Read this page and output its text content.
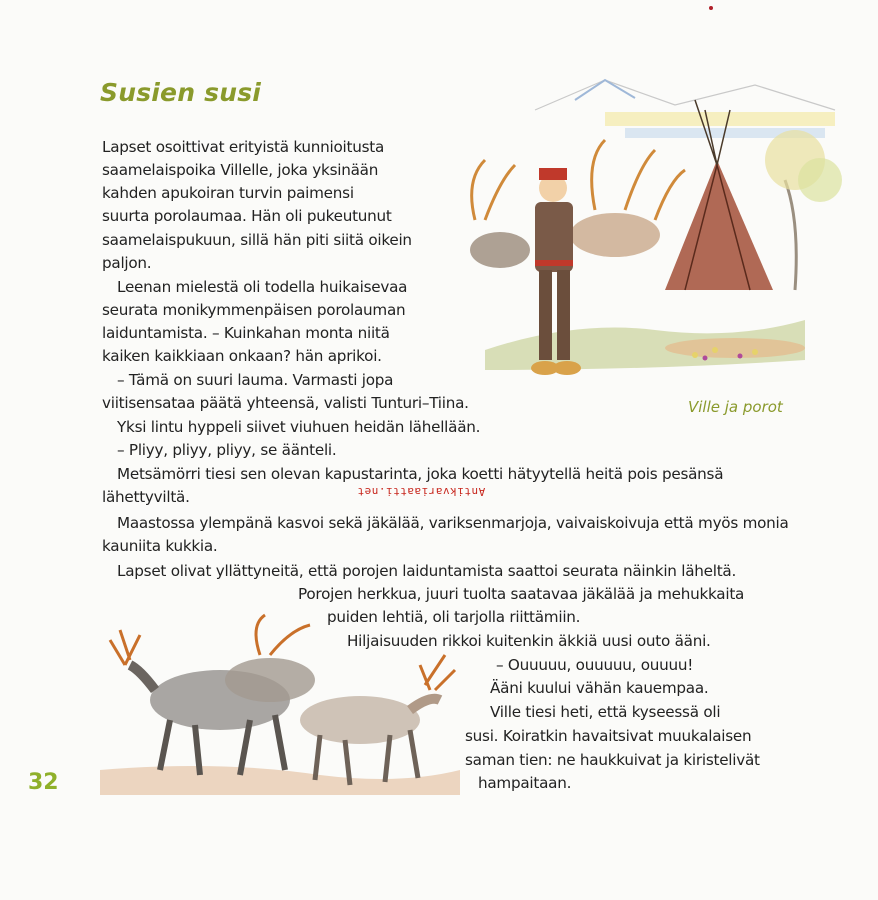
Susien susi
Lapset osoittivat erityistä kunnioitusta
saamelaispoika Villelle, joka yksinään
kahden apukoiran turvin paimensi
suurta porolaumaa. Hän oli pukeutunut
saamelaispukuun, sillä hän piti siitä oikein
paljon.
Leenan mielestä oli todella huikaisevaa
seurata monikymmenpäisen porolauman
laiduntamista. – Kuinkahan monta niitä
kaiken kaikkiaan onkaan? hän aprikoi.
– Tämä on suuri lauma. Varmasti jopa
viitisensataa päätä yhteensä, valisti Tunturi–Tiina.
Yksi lintu hyppeli siivet viuhuen heidän lähellään.
– Pliyy, pliyy, pliyy, se äänteli.
Metsämörri tiesi sen olevan kapustarinta, joka koetti hätyytellä heitä pois pesänsä
lähettyviltä.
Maastossa ylempänä kasvoi sekä jäkälää, variksenmarjoja, vaivaiskoivuja että myös monia
kauniita kukkia.
Lapset olivat yllättyneitä, että porojen laiduntamista saattoi seurata näinkin läheltä.
Porojen herkkua, juuri tuolta saatavaa jäkälää ja mehukkaita
puiden lehtiä, oli tarjolla riittämiin.
Hiljaisuuden rikkoi kuitenkin äkkiä uusi outo ääni.
– Ouuuuu, ouuuuu, ouuuu!
Ääni kuului vähän kauempaa.
Ville tiesi heti, että kyseessä oli
susi. Koiratkin havaitsivat muukalaisen
saman tien: ne haukkuivat ja kiristelivät
hampaitaan.
Antikvariaatti.net
Ville ja porot
32
